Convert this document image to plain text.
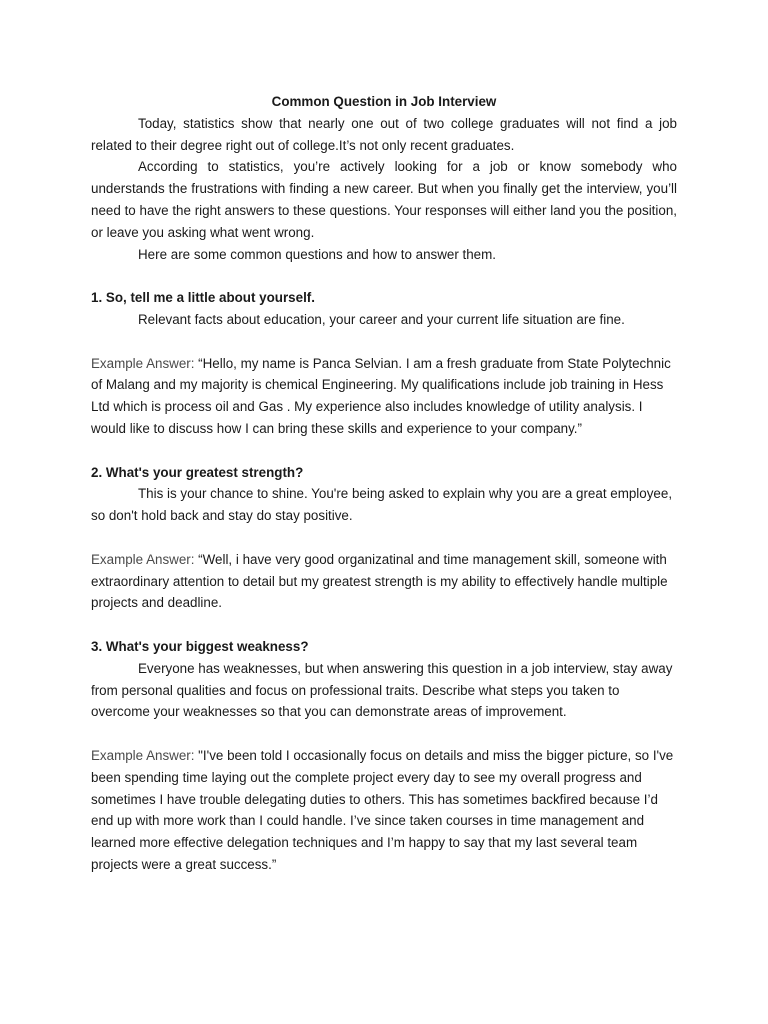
Common Question in Job Interview

Today, statistics show that nearly one out of two college graduates will not find a job related to their degree right out of college.It’s not only recent graduates.

According to statistics, you’re actively looking for a job or know somebody who understands the frustrations with finding a new career. But when you finally get the interview, you’ll need to have the right answers to these questions. Your responses will either land you the position, or leave you asking what went wrong.

Here are some common questions and how to answer them.

1. So, tell me a little about yourself.

Relevant facts about education, your career and your current life situation are fine.

Example Answer: “Hello, my name is Panca Selvian. I am a fresh graduate from State Polytechnic of Malang and my majority is chemical Engineering. My qualifications include job training in Hess Ltd which is process oil and Gas . My experience also includes knowledge of utility analysis. I would like to discuss how I can bring these skills and experience to your company.”

2. What's your greatest strength?

This is your chance to shine. You're being asked to explain why you are a great employee, so don't hold back and stay do stay positive.

Example Answer: “Well, i have very good organizatinal and time management skill, someone with extraordinary attention to detail but my greatest strength is my ability to effectively handle multiple projects and deadline.

3. What's your biggest weakness?

Everyone has weaknesses, but when answering this question in a job interview, stay away from personal qualities and focus on professional traits. Describe what steps you taken to overcome your weaknesses so that you can demonstrate areas of improvement.

Example Answer: "I've been told I occasionally focus on details and miss the bigger picture, so I've been spending time laying out the complete project every day to see my overall progress and sometimes I have trouble delegating duties to others. This has sometimes backfired because I’d end up with more work than I could handle. I’ve since taken courses in time management and learned more effective delegation techniques and I’m happy to say that my last several team projects were a great success.”
